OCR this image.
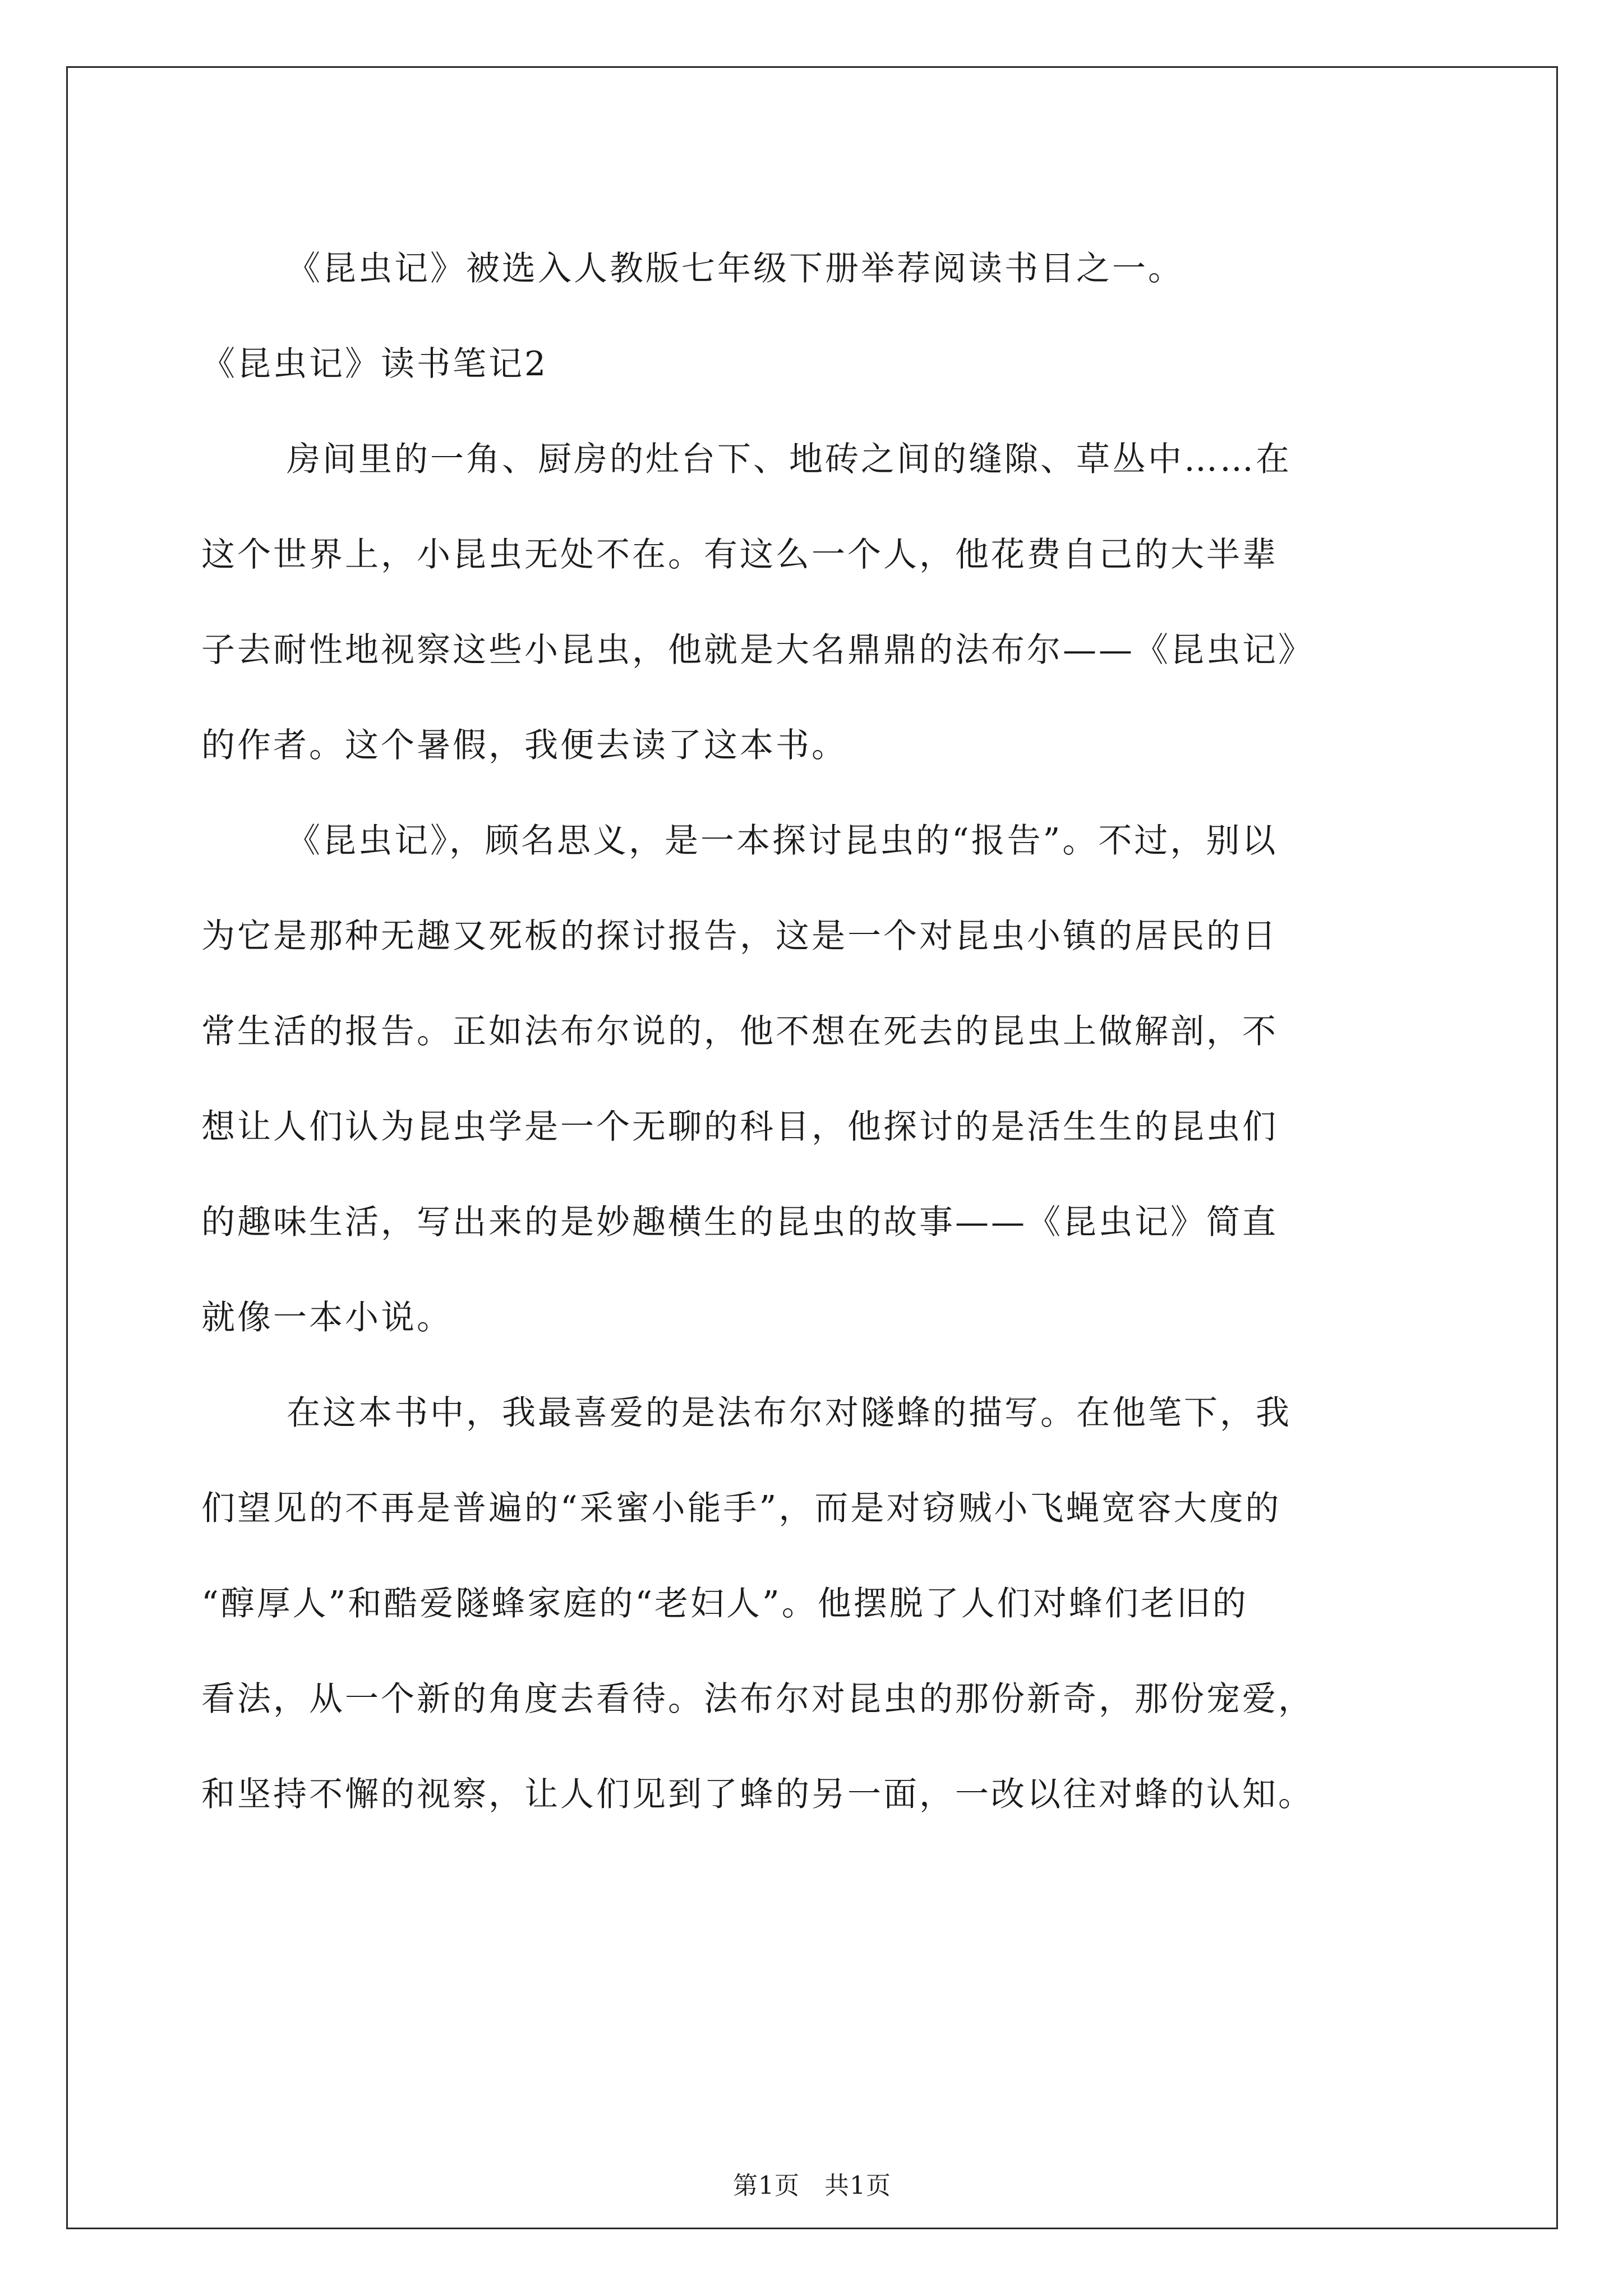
《昆虫记》被选入人教版七年级下册举荐阅读书目之一。
《昆虫记》读书笔记2
房间里的一角、厨房的灶台下、地砖之间的缝隙、草丛中……在
这个世界上，小昆虫无处不在。有这么一个人，他花费自己的大半辈
子去耐性地视察这些小昆虫，他就是大名鼎鼎的法布尔——《昆虫记》
的作者。这个暑假，我便去读了这本书。
《昆虫记》，顾名思义，是一本探讨昆虫的“报告”。不过，别以
为它是那种无趣又死板的探讨报告，这是一个对昆虫小镇的居民的日
常生活的报告。正如法布尔说的，他不想在死去的昆虫上做解剖，不
想让人们认为昆虫学是一个无聊的科目，他探讨的是活生生的昆虫们
的趣味生活，写出来的是妙趣横生的昆虫的故事——《昆虫记》简直
就像一本小说。
在这本书中，我最喜爱的是法布尔对隧蜂的描写。在他笔下，我
们望见的不再是普遍的“采蜜小能手”，而是对窃贼小飞蝇宽容大度的
“醇厚人”和酷爱隧蜂家庭的“老妇人”。他摆脱了人们对蜂们老旧的
看法，从一个新的角度去看待。法布尔对昆虫的那份新奇，那份宠爱，
和坚持不懈的视察，让人们见到了蜂的另一面，一改以往对蜂的认知。
第1页 共1页
